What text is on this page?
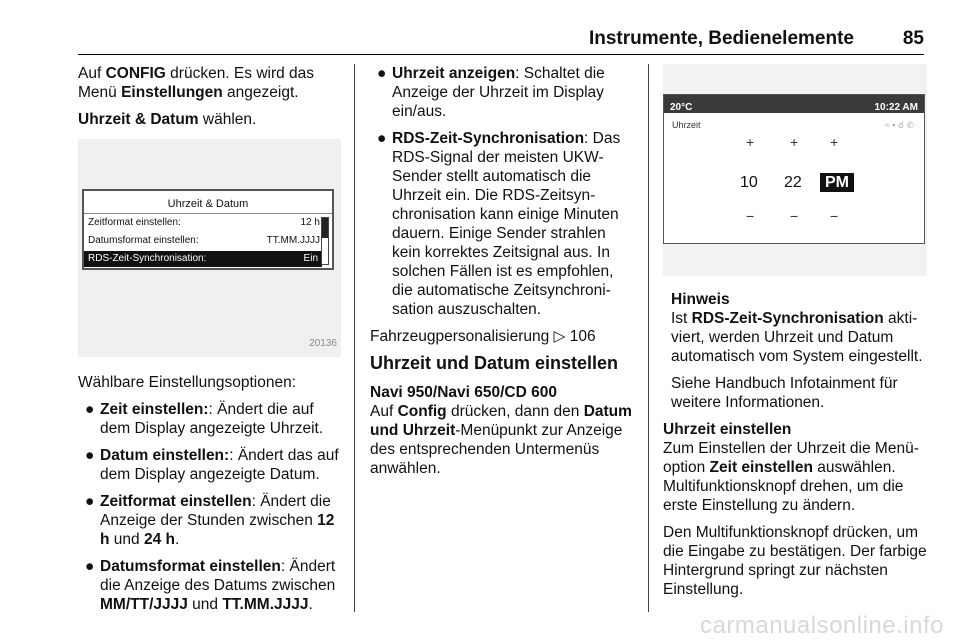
Instrumente, Bedienelemente	85

Auf CONFIG drücken. Es wird das Menü Einstellungen angezeigt.

Uhrzeit & Datum wählen.

Uhrzeit & Datum
Zeitformat einstellen:	12 h
Datumsformat einstellen:	TT.MM.JJJJ
RDS-Zeit-Synchronisation:	Ein
20136

Wählbare Einstellungsoptionen:

● Zeit einstellen:: Ändert die auf dem Display angezeigte Uhrzeit.
● Datum einstellen:: Ändert das auf dem Display angezeigte Datum.
● Zeitformat einstellen: Ändert die Anzeige der Stunden zwischen 12 h und 24 h.
● Datumsformat einstellen: Ändert die Anzeige des Datums zwischen MM/TT/JJJJ und TT.MM.JJJJ.
● Uhrzeit anzeigen: Schaltet die Anzeige der Uhrzeit im Display ein/aus.
● RDS-Zeit-Synchronisation: Das RDS-Signal der meisten UKW-Sender stellt automatisch die Uhrzeit ein. Die RDS-Zeitsynchronisation kann einige Minuten dauern. Einige Sender strahlen kein korrektes Zeitsignal aus. In solchen Fällen ist es empfohlen, die automatische Zeitsynchronisation auszuschalten.

Fahrzeugpersonalisierung ▷ 106

Uhrzeit und Datum einstellen
Navi 950/Navi 650/CD 600

Auf Config drücken, dann den Datum und Uhrzeit-Menüpunkt zur Anzeige des entsprechenden Untermenüs anwählen.

20°C	10:22 AM
Uhrzeit	≈ ▪ ☌ ✆
+	+ +
10 22	PM
−	− −
Hinweis

Ist RDS-Zeit-Synchronisation aktiviert, werden Uhrzeit und Datum automatisch vom System eingestellt.

Siehe Handbuch Infotainment für weitere Informationen.

Uhrzeit einstellen

Zum Einstellen der Uhrzeit die Menüoption Zeit einstellen auswählen. Multifunktionsknopf drehen, um die erste Einstellung zu ändern.

Den Multifunktionsknopf drücken, um die Eingabe zu bestätigen. Der farbige Hintergrund springt zur nächsten Einstellung.

carmanualsonline.info
